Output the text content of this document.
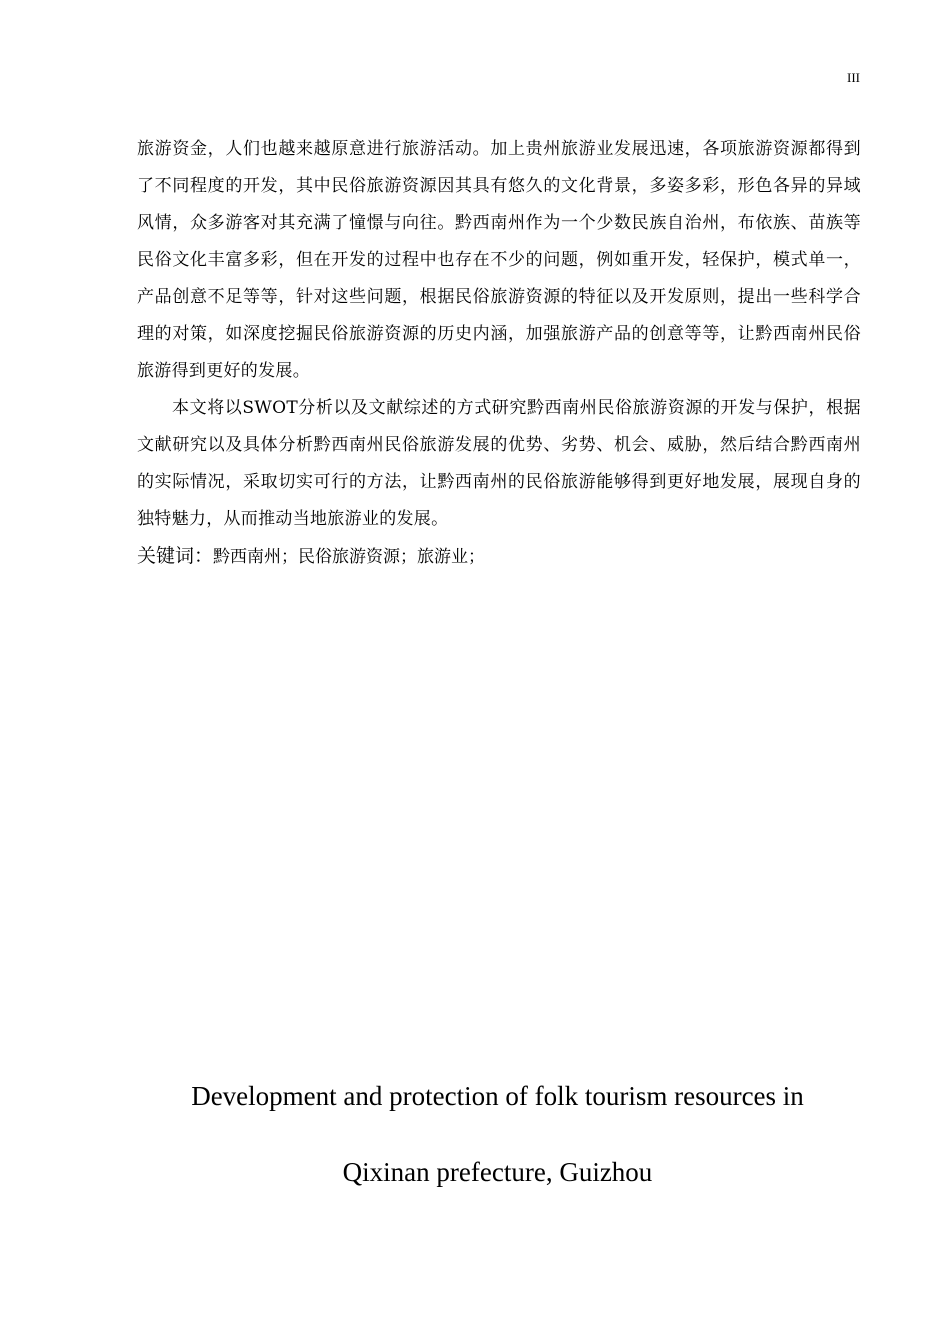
III

旅游资金，人们也越来越原意进行旅游活动。加上贵州旅游业发展迅速，各项旅游资源都得到了不同程度的开发，其中民俗旅游资源因其具有悠久的文化背景，多姿多彩，形色各异的异域风情，众多游客对其充满了憧憬与向往。黔西南州作为一个少数民族自治州，布依族、苗族等民俗文化丰富多彩，但在开发的过程中也存在不少的问题，例如重开发，轻保护，模式单一，产品创意不足等等，针对这些问题，根据民俗旅游资源的特征以及开发原则，提出一些科学合理的对策，如深度挖掘民俗旅游资源的历史内涵，加强旅游产品的创意等等，让黔西南州民俗旅游得到更好的发展。

本文将以SWOT分析以及文献综述的方式研究黔西南州民俗旅游资源的开发与保护，根据文献研究以及具体分析黔西南州民俗旅游发展的优势、劣势、机会、威胁，然后结合黔西南州的实际情况，采取切实可行的方法，让黔西南州的民俗旅游能够得到更好地发展，展现自身的独特魅力，从而推动当地旅游业的发展。

关键词：黔西南州；民俗旅游资源；旅游业；

Development and protection of folk tourism resources in
Qixinan prefecture, Guizhou
